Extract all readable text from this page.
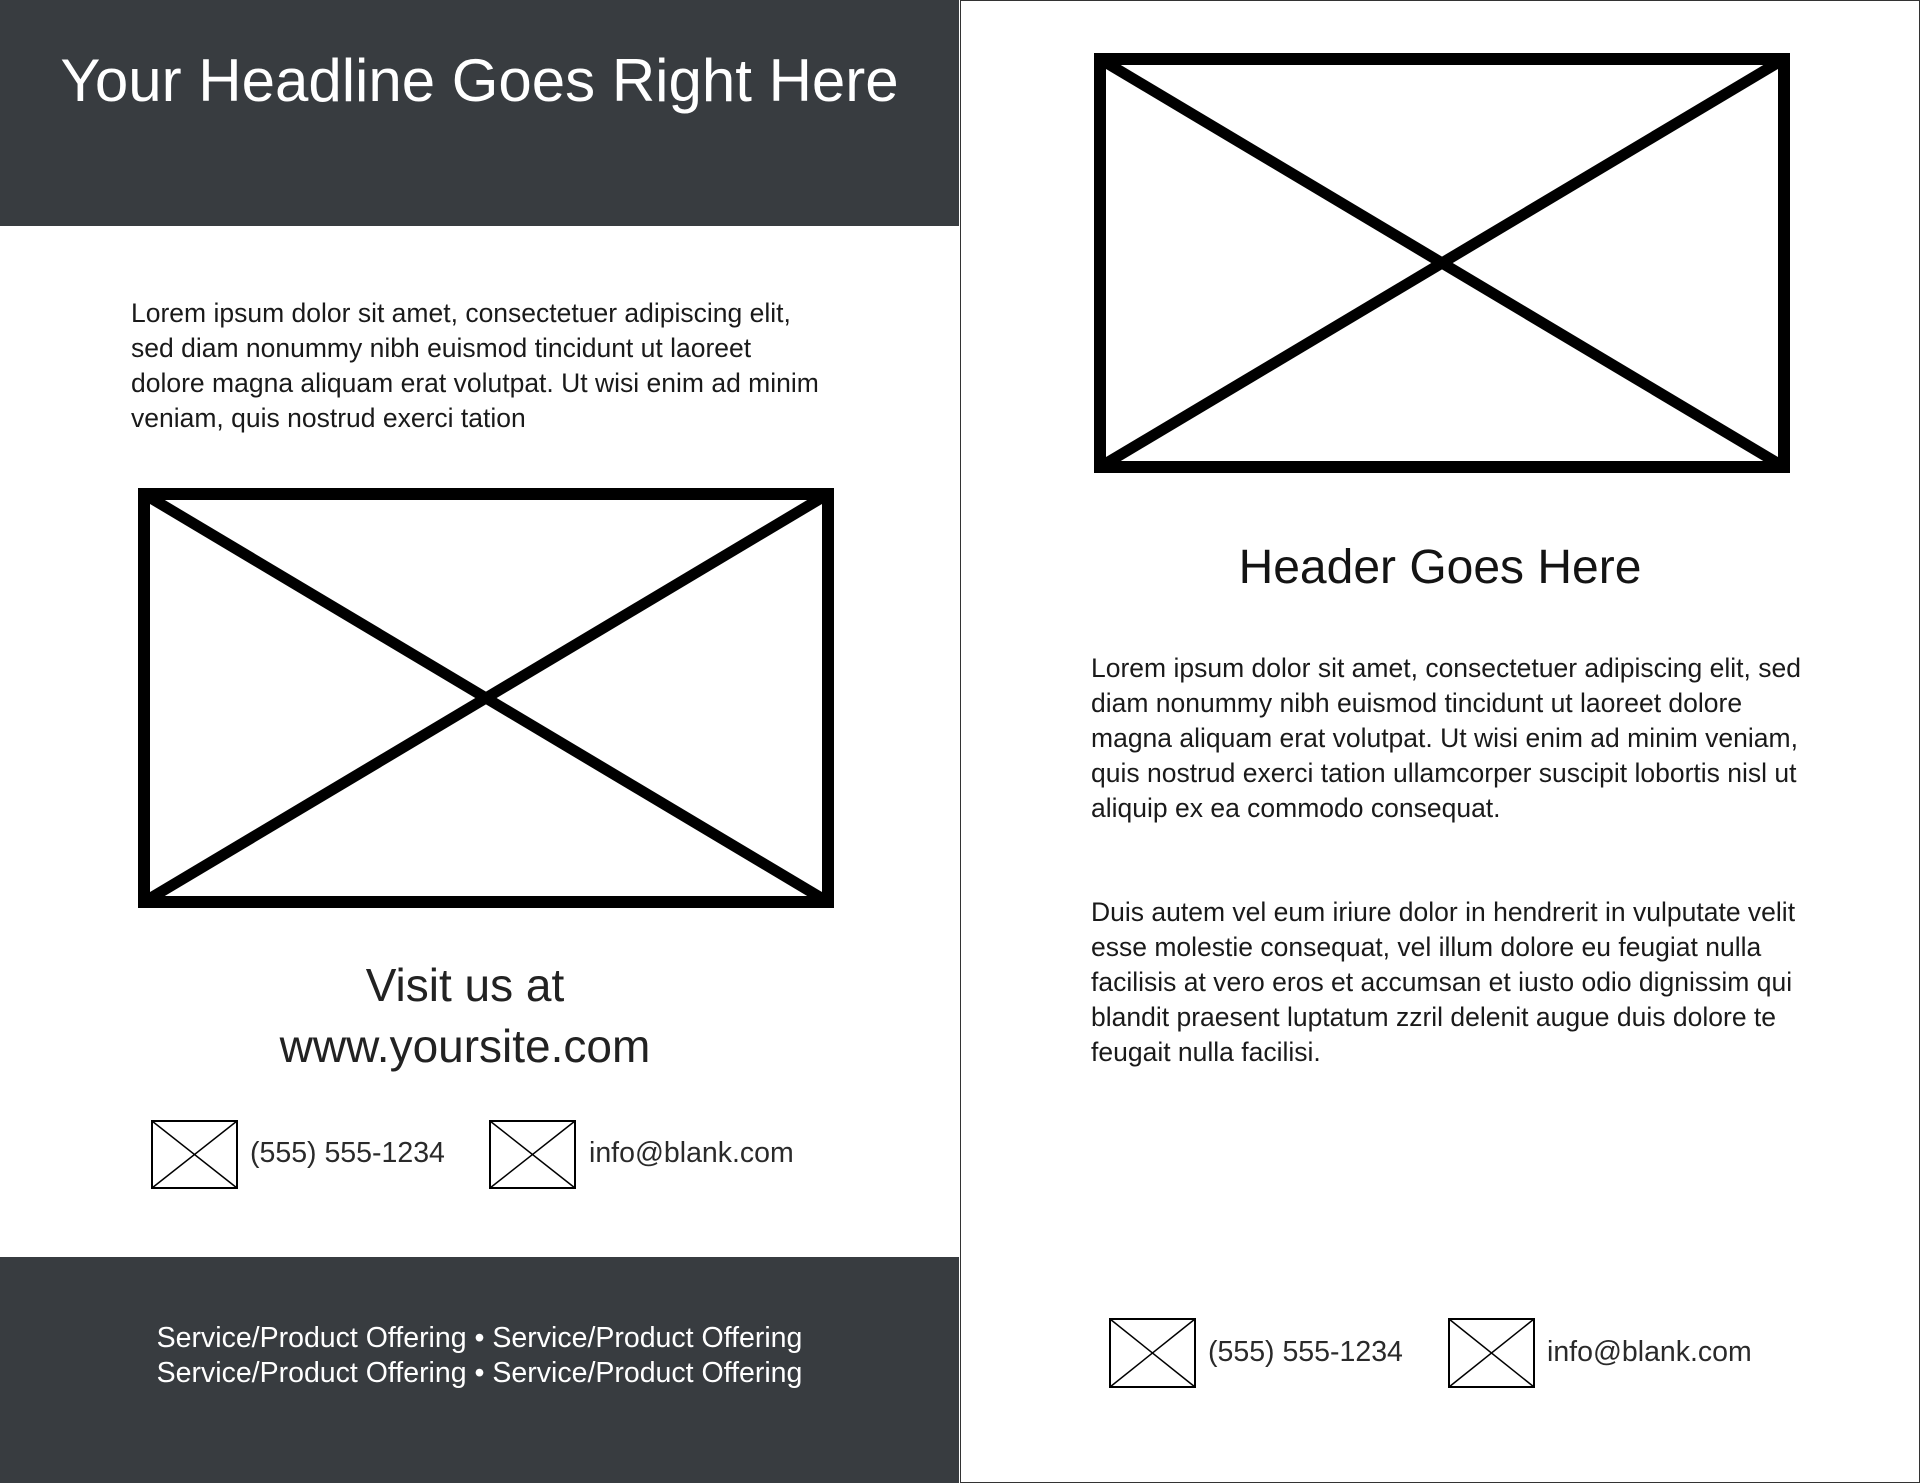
Your Headline Goes Right Here

Lorem ipsum dolor sit amet, consectetuer adipiscing elit, sed diam nonummy nibh euismod tincidunt ut laoreet dolore magna aliquam erat volutpat. Ut wisi enim ad minim veniam, quis nostrud exerci tation

Visit us at
www.yoursite.com

(555) 555-1234	info@blank.com

Service/Product Offering • Service/Product Offering
Service/Product Offering • Service/Product Offering

Header Goes Here

Lorem ipsum dolor sit amet, consectetuer adipiscing elit, sed diam nonummy nibh euismod tincidunt ut laoreet dolore magna aliquam erat volutpat. Ut wisi enim ad minim veniam, quis nostrud exerci tation ullamcorper suscipit lobortis nisl ut aliquip ex ea commodo consequat.

Duis autem vel eum iriure dolor in hendrerit in vulputate velit esse molestie consequat, vel illum dolore eu feugiat nulla facilisis at vero eros et accumsan et iusto odio dignissim qui blandit praesent luptatum zzril delenit augue duis dolore te feugait nulla facilisi.

(555) 555-1234	info@blank.com
